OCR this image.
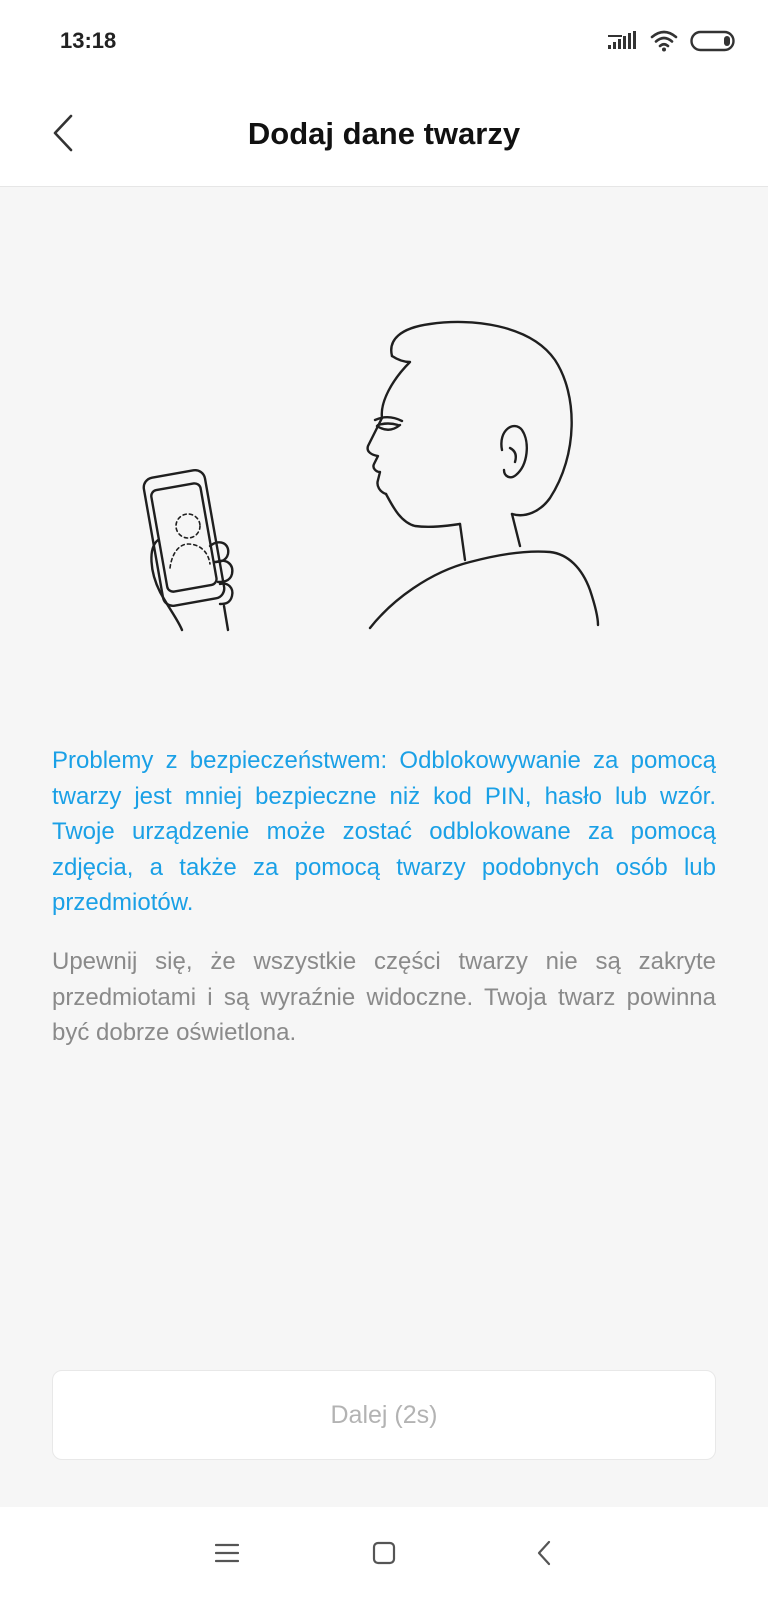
13:18
Dodaj dane twarzy
Problemy z bezpieczeństwem: Odblokowywanie za pomocą twarzy jest mniej bezpieczne niż kod PIN, hasło lub wzór. Twoje urządzenie może zostać odblokowane za pomocą zdjęcia, a także za pomocą twarzy podobnych osób lub przedmiotów.
Upewnij się, że wszystkie części twarzy nie są zakryte przedmiotami i są wyraźnie widoczne. Twoja twarz powinna być dobrze oświetlona.
Dalej (2s)
